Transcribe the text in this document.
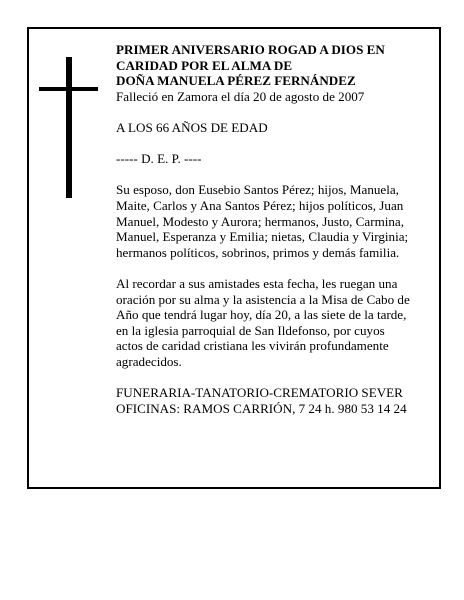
PRIMER ANIVERSARIO ROGAD A DIOS EN
CARIDAD POR EL ALMA DE
DOÑA MANUELA PÉREZ FERNÁNDEZ
Falleció en Zamora el día 20 de agosto de 2007
A LOS 66 AÑOS DE EDAD
----- D. E. P. ----
Su esposo, don Eusebio Santos Pérez; hijos, Manuela,
Maite, Carlos y Ana Santos Pérez; hijos políticos, Juan
Manuel, Modesto y Aurora; hermanos, Justo, Carmina,
Manuel, Esperanza y Emilia; nietas, Claudia y Virginia;
hermanos políticos, sobrinos, primos y demás familia.
Al recordar a sus amistades esta fecha, les ruegan una
oración por su alma y la asistencia a la Misa de Cabo de
Año que tendrá lugar hoy, día 20, a las siete de la tarde,
en la iglesia parroquial de San Ildefonso, por cuyos
actos de caridad cristiana les vivirán profundamente
agradecidos.
FUNERARIA-TANATORIO-CREMATORIO SEVER
OFICINAS: RAMOS CARRIÓN, 7 24 h. 980 53 14 24
